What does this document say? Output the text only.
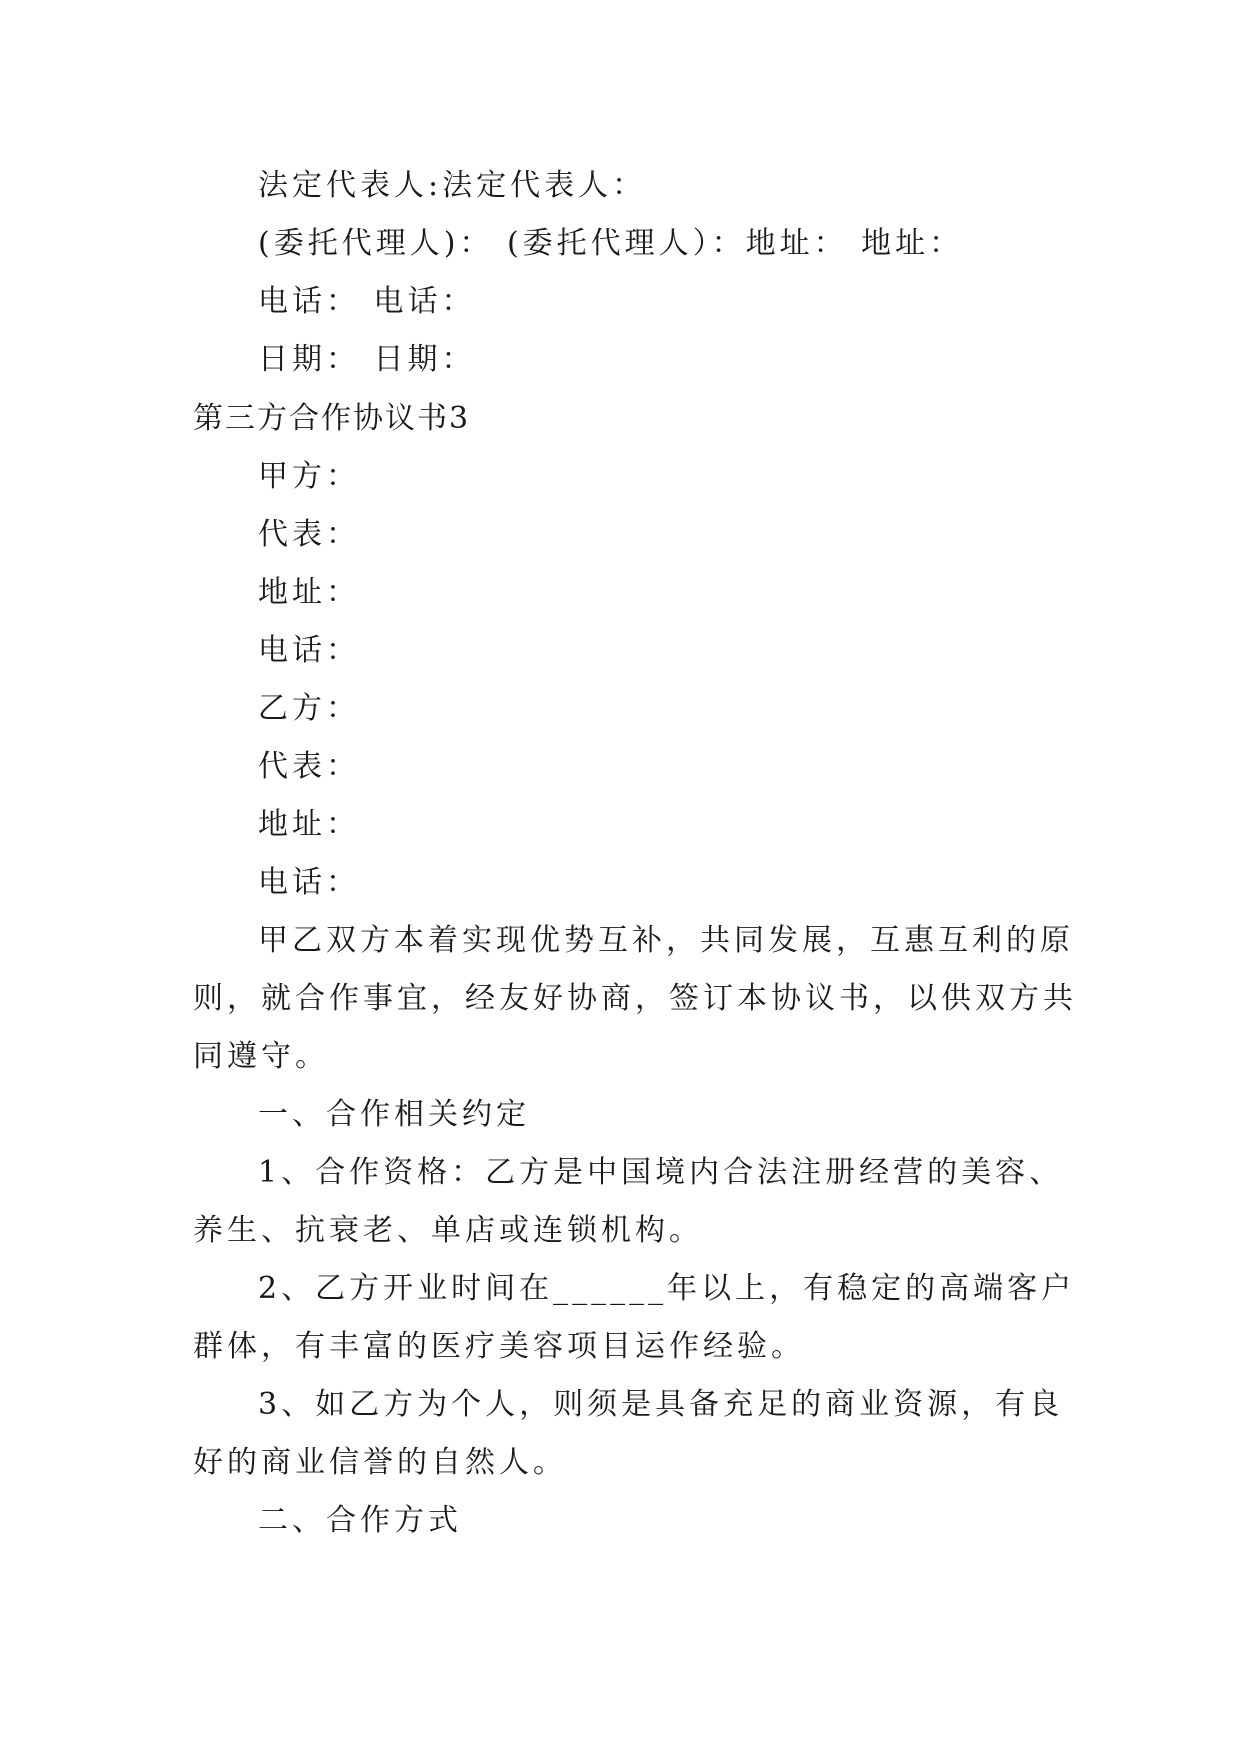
法定代表人:法定代表人：
(委托代理人)： (委托代理人）：地址： 地址：
电话： 电话：
日期： 日期：
第三方合作协议书3
甲方：
代表：
地址：
电话：
乙方：
代表：
地址：
电话：
甲乙双方本着实现优势互补，共同发展，互惠互利的原
则，就合作事宜，经友好协商，签订本协议书，以供双方共
同遵守。
一、合作相关约定
1、合作资格：乙方是中国境内合法注册经营的美容、
养生、抗衰老、单店或连锁机构。
2、乙方开业时间在______年以上，有稳定的高端客户
群体，有丰富的医疗美容项目运作经验。
3、如乙方为个人，则须是具备充足的商业资源，有良
好的商业信誉的自然人。
二、合作方式
